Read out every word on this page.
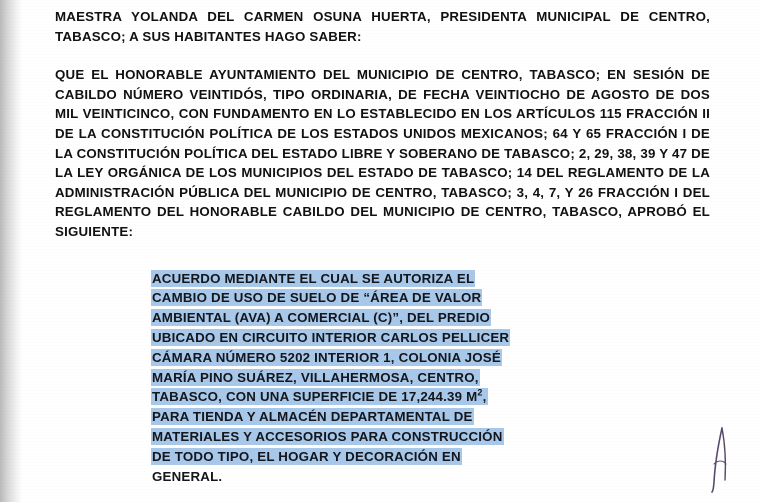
MAESTRA YOLANDA DEL CARMEN OSUNA HUERTA, PRESIDENTA MUNICIPAL DE CENTRO, TABASCO; A SUS HABITANTES HAGO SABER:

QUE EL HONORABLE AYUNTAMIENTO DEL MUNICIPIO DE CENTRO, TABASCO; EN SESIÓN DE CABILDO NÚMERO VEINTIDÓS, TIPO ORDINARIA, DE FECHA VEINTIOCHO DE AGOSTO DE DOS MIL VEINTICINCO, CON FUNDAMENTO EN LO ESTABLECIDO EN LOS ARTÍCULOS 115 FRACCIÓN II DE LA CONSTITUCIÓN POLÍTICA DE LOS ESTADOS UNIDOS MEXICANOS; 64 Y 65 FRACCIÓN I DE LA CONSTITUCIÓN POLÍTICA DEL ESTADO LIBRE Y SOBERANO DE TABASCO; 2, 29, 38, 39 Y 47 DE LA LEY ORGÁNICA DE LOS MUNICIPIOS DEL ESTADO DE TABASCO; 14 DEL REGLAMENTO DE LA ADMINISTRACIÓN PÚBLICA DEL MUNICIPIO DE CENTRO, TABASCO; 3, 4, 7, Y 26 FRACCIÓN I DEL REGLAMENTO DEL HONORABLE CABILDO DEL MUNICIPIO DE CENTRO, TABASCO, APROBÓ EL SIGUIENTE:

ACUERDO MEDIANTE EL CUAL SE AUTORIZA EL

CAMBIO DE USO DE SUELO DE “ÁREA DE VALOR

AMBIENTAL (AVA) A COMERCIAL (C)”, DEL PREDIO

UBICADO EN CIRCUITO INTERIOR CARLOS PELLICER

CÁMARA NÚMERO 5202 INTERIOR 1, COLONIA JOSÉ

MARÍA PINO SUÁREZ, VILLAHERMOSA, CENTRO,

TABASCO, CON UNA SUPERFICIE DE 17,244.39 $M^2$,

PARA TIENDA Y ALMACÉN DEPARTAMENTAL DE

MATERIALES Y ACCESORIOS PARA CONSTRUCCIÓN

DE TODO TIPO, EL HOGAR Y DECORACIÓN EN

GENERAL.
